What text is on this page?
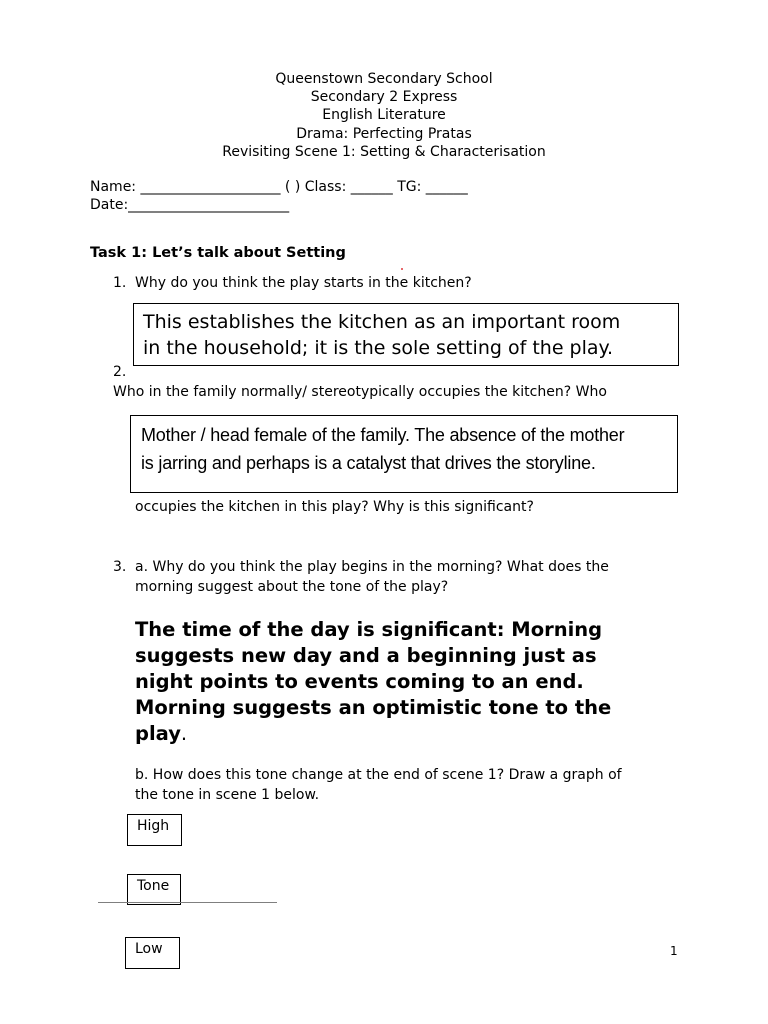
Queenstown Secondary School
Secondary 2 Express
English Literature
Drama: Perfecting Pratas
Revisiting Scene 1: Setting & Characterisation
Name: ____________________ ( ) Class: ______ TG: ______
Date:_______________________
Task 1: Let’s talk about Setting
1. Why do you think the play starts in the kitchen?
This establishes the kitchen as an important room
in the household; it is the sole setting of the play.
2.
Who in the family normally/ stereotypically occupies the kitchen? Who
Mother / head female of the family. The absence of the mother
is jarring and perhaps is a catalyst that drives the storyline.
occupies the kitchen in this play? Why is this significant?
3. a. Why do you think the play begins in the morning? What does the
morning suggest about the tone of the play?
The time of the day is significant: Morning
suggests new day and a beginning just as
night points to events coming to an end.
Morning suggests an optimistic tone to the
play.
b. How does this tone change at the end of scene 1? Draw a graph of
the tone in scene 1 below.
High
Tone
Low	1
